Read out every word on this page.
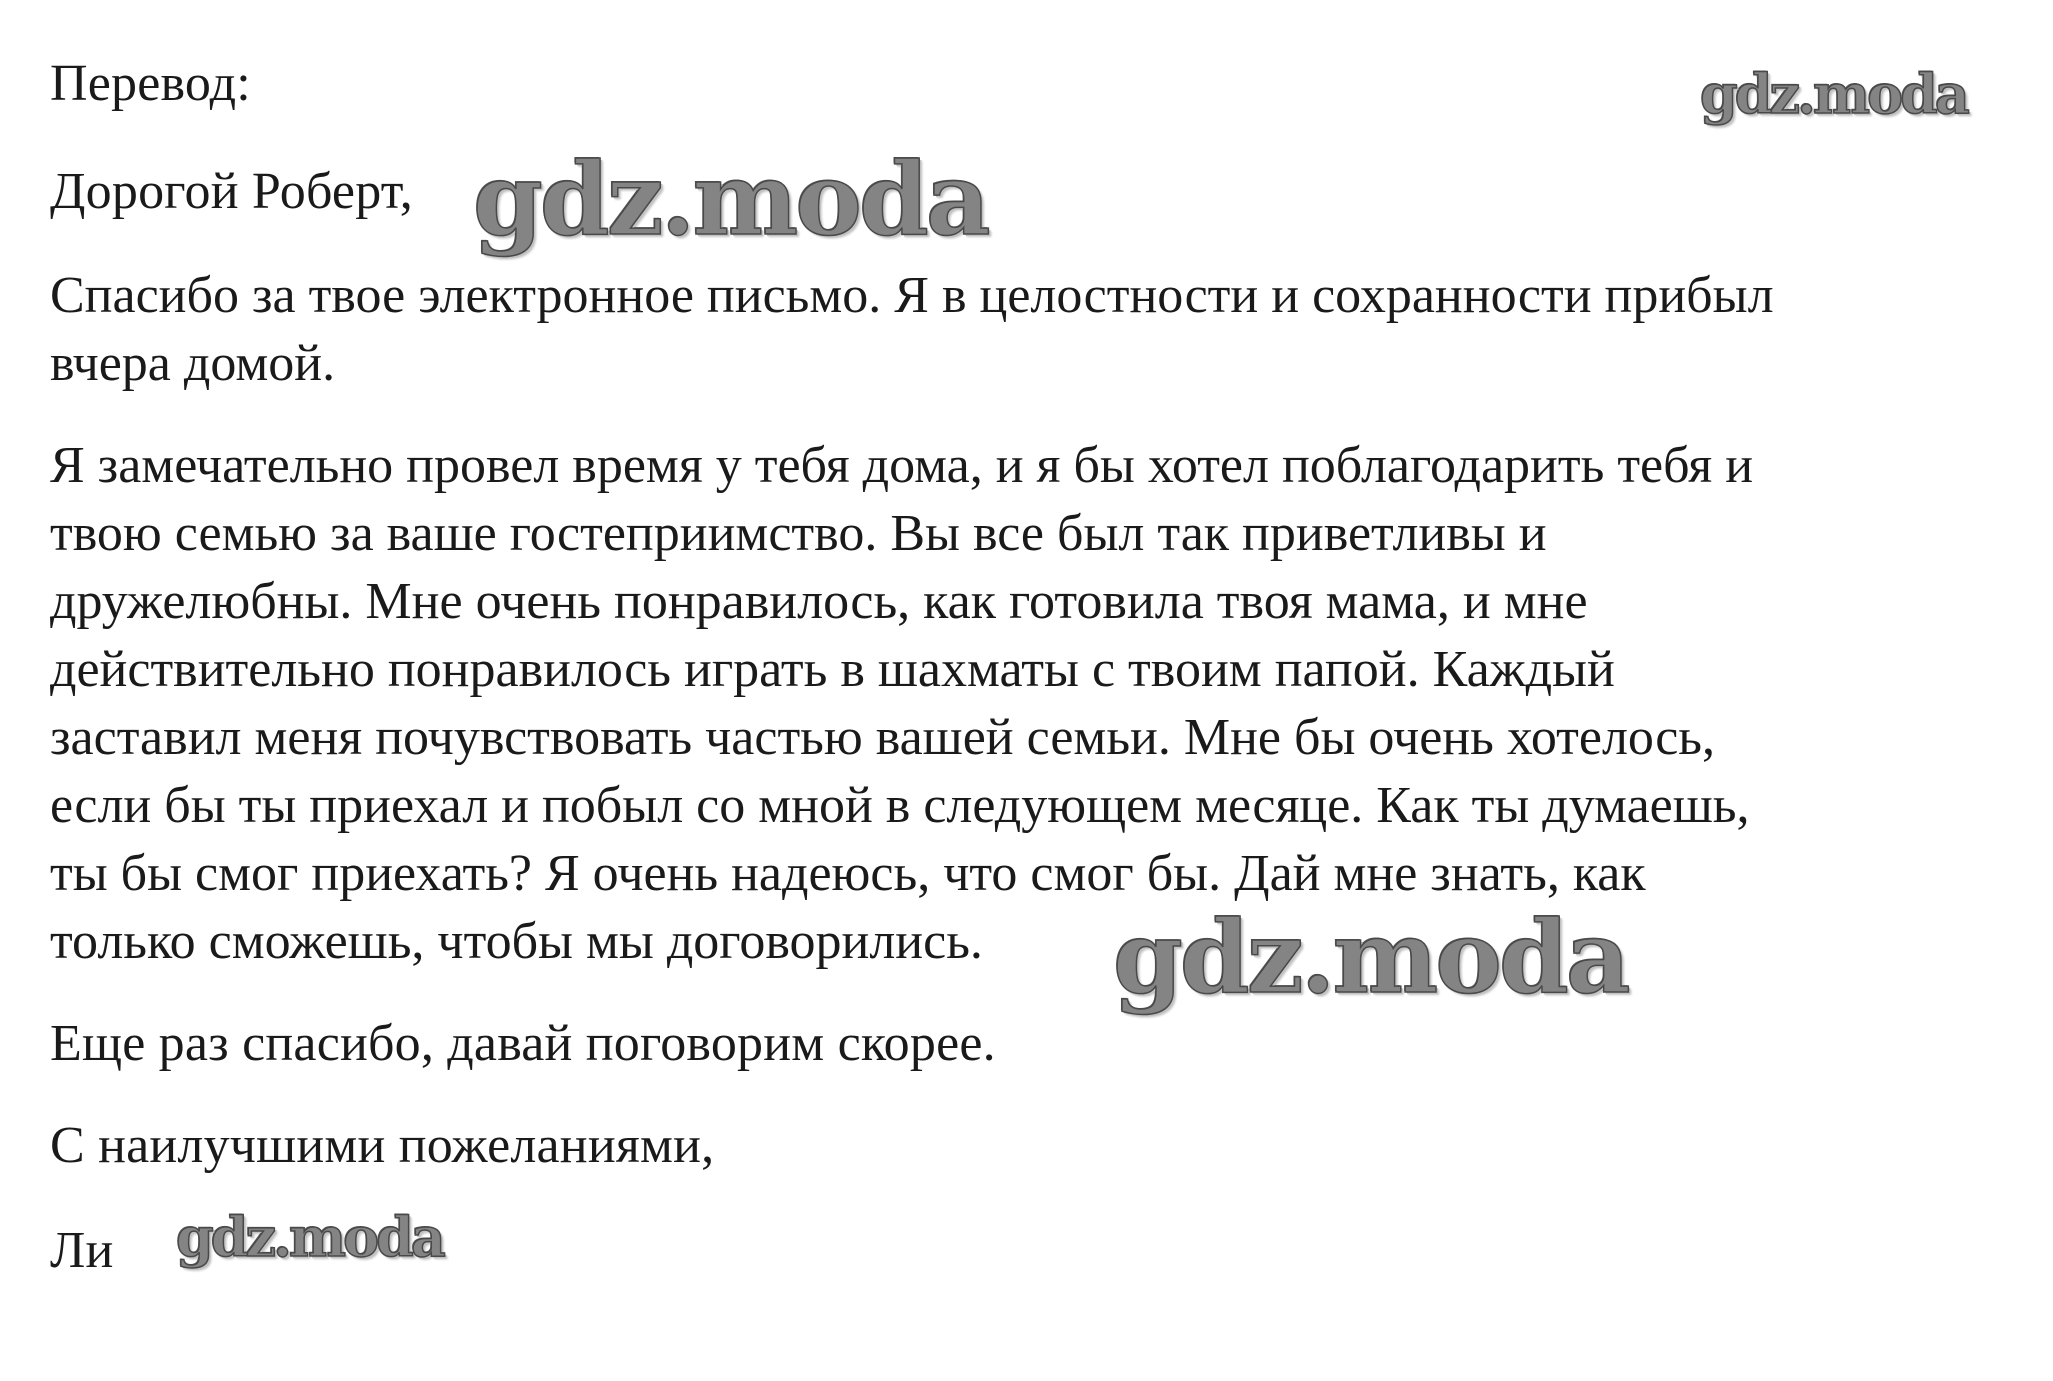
Перевод:	gdz.moda
Дорогой Роберт, gdz.moda

Спасибо за твое электронное письмо. Я в целостности и сохранности прибыл
вчера домой.

Я замечательно провел время у тебя дома, и я бы хотел поблагодарить тебя и
твою семью за ваше гостеприимство. Вы все был так приветливы и
дружелюбны. Мне очень понравилось, как готовила твоя мама, и мне
действительно понравилось играть в шахматы с твоим папой. Каждый
заставил меня почувствовать частью вашей семьи. Мне бы очень хотелось,
если бы ты приехал и побыл со мной в следующем месяце. Как ты думаешь,
ты бы смог приехать? Я очень надеюсь, что смог бы. Дай мне знать, как
только сможешь, чтобы мы договорились.	gdz.moda
Еще раз спасибо, давай поговорим скорее.
С наилучшими пожеланиями,
Ли gdz.moda
